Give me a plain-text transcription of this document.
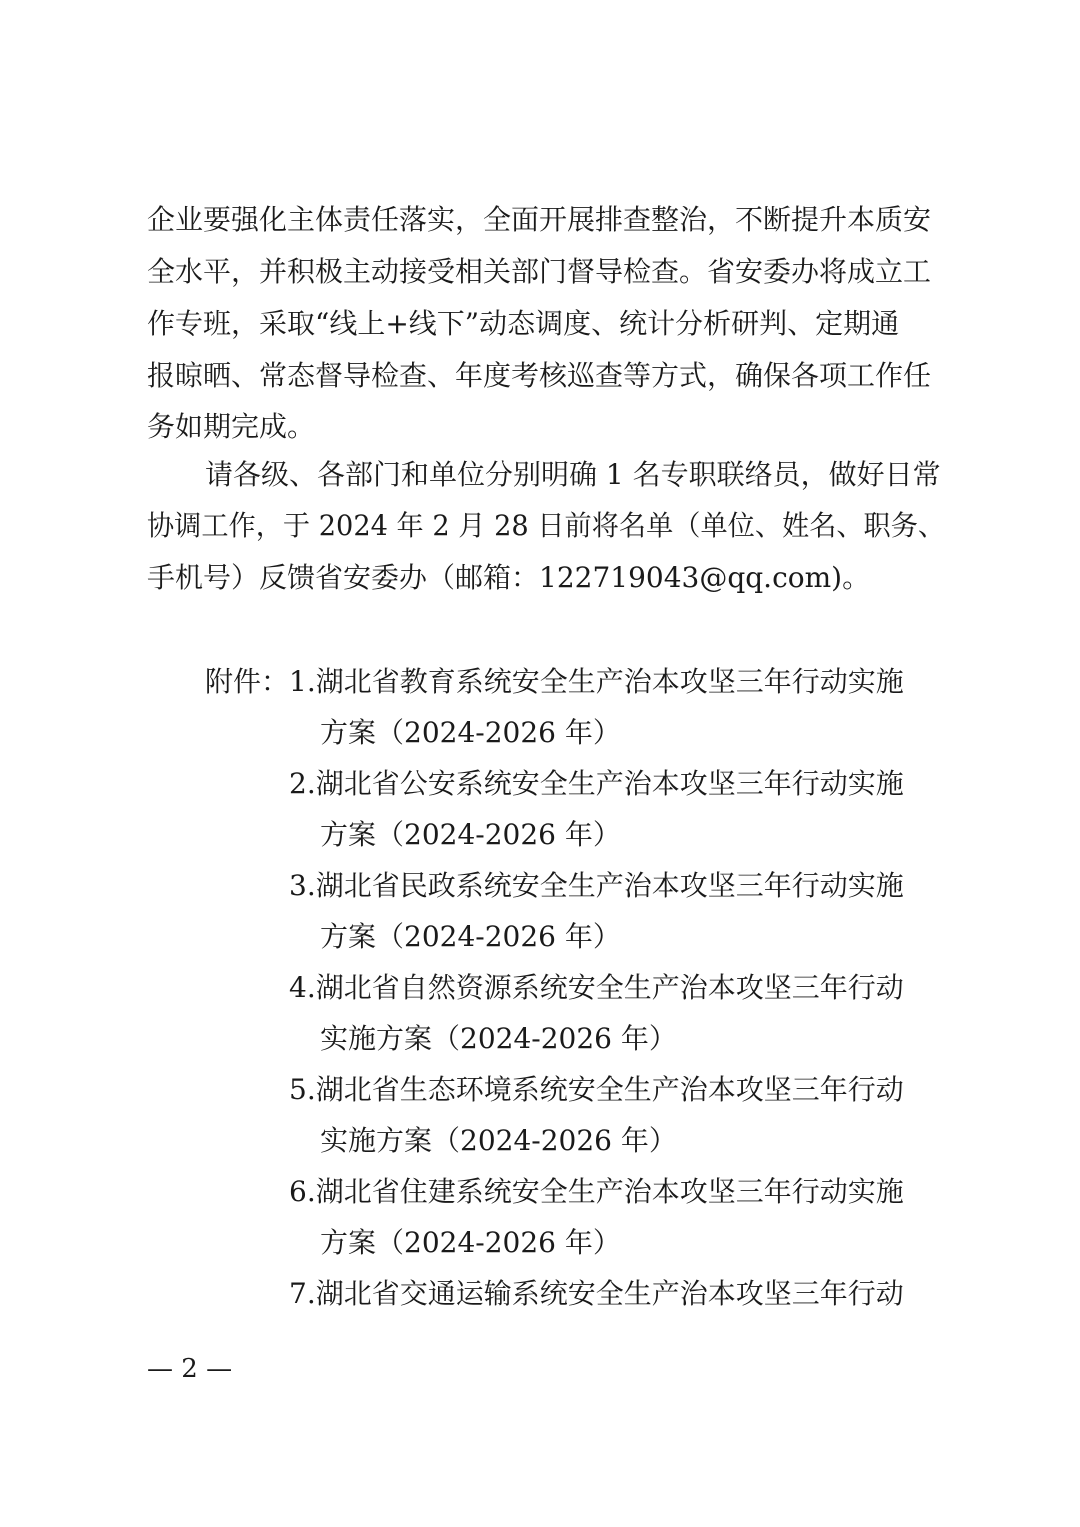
企业要强化主体责任落实，全面开展排查整治，不断提升本质安
全水平，并积极主动接受相关部门督导检查。省安委办将成立工
作专班，采取“线上+线下”动态调度、统计分析研判、定期通
报晾晒、常态督导检查、年度考核巡查等方式，确保各项工作任
务如期完成。
请各级、各部门和单位分别明确 1 名专职联络员，做好日常
协调工作，于 2024 年 2 月 28 日前将名单（单位、姓名、职务、
手机号）反馈省安委办（邮箱：122719043@qq.com)。
附件： 1.湖北省教育系统安全生产治本攻坚三年行动实施
方案（2024-2026 年）
2.湖北省公安系统安全生产治本攻坚三年行动实施
方案（2024-2026 年）
3.湖北省民政系统安全生产治本攻坚三年行动实施
方案（2024-2026 年）
4.湖北省自然资源系统安全生产治本攻坚三年行动
实施方案（2024-2026 年）
5.湖北省生态环境系统安全生产治本攻坚三年行动
实施方案（2024-2026 年）
6.湖北省住建系统安全生产治本攻坚三年行动实施
方案（2024-2026 年）
7.湖北省交通运输系统安全生产治本攻坚三年行动
— 2 —
